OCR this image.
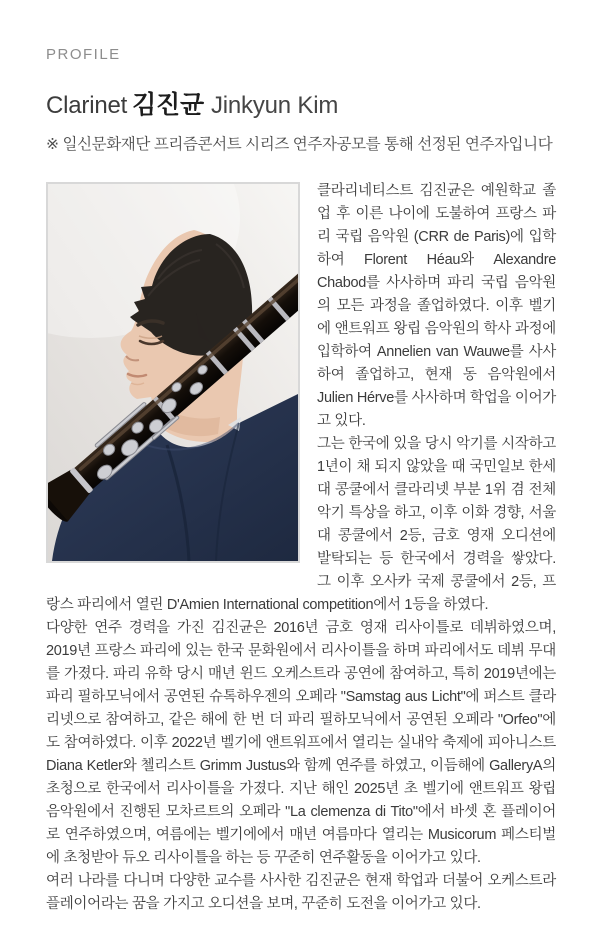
PROFILE
Clarinet 김진균 Jinkyun Kim
※ 일신문화재단 프리즘콘서트 시리즈 연주자공모를 통해 선정된 연주자입니다

클라리네티스트 김진균은 예원학교 졸업 후 이른 나이에 도불하여 프랑스 파리 국립 음악원 (CRR de Paris)에 입학하여 Florent Héau와 Alexandre Chabod를 사사하며 파리 국립 음악원의 모든 과정을 졸업하였다. 이후 벨기에 앤트워프 왕립 음악원의 학사 과정에 입학하여 Annelien van Wauwe를 사사하여 졸업하고, 현재 동 음악원에서 Julien Hérve를 사사하며 학업을 이어가고 있다.

그는 한국에 있을 당시 악기를 시작하고 1년이 채 되지 않았을 때 국민일보 한세대 콩쿨에서 클라리넷 부분 1위 겸 전체 악기 특상을 하고, 이후 이화 경향, 서울대 콩쿨에서 2등, 금호 영재 오디션에 발탁되는 등 한국에서 경력을 쌓았다. 그 이후 오사카 국제 콩쿨에서 2등, 프랑스 파리에서 열린 D'Amien International competition에서 1등을 하였다.

다양한 연주 경력을 가진 김진균은 2016년 금호 영재 리사이틀로 데뷔하였으며, 2019년 프랑스 파리에 있는 한국 문화원에서 리사이틀을 하며 파리에서도 데뷔 무대를 가졌다. 파리 유학 당시 매년 윈드 오케스트라 공연에 참여하고, 특히 2019년에는 파리 필하모닉에서 공연된 슈톡하우젠의 오페라 "Samstag aus Licht"에 퍼스트 클라리넷으로 참여하고, 같은 해에 한 번 더 파리 필하모닉에서 공연된 오페라 "Orfeo"에도 참여하였다. 이후 2022년 벨기에 앤트워프에서 열리는 실내악 축제에 피아니스트 Diana Ketler와 첼리스트 Grimm Justus와 함께 연주를 하였고, 이듬해에 GalleryA의 초청으로 한국에서 리사이틀을 가졌다. 지난 해인 2025년 초 벨기에 앤트워프 왕립 음악원에서 진행된 모차르트의 오페라 "La clemenza di Tito"에서 바셋 혼 플레이어로 연주하였으며, 여름에는 벨기에에서 매년 여름마다 열리는 Musicorum 페스티벌에 초청받아 듀오 리사이틀을 하는 등 꾸준히 연주활동을 이어가고 있다.

여러 나라를 다니며 다양한 교수를 사사한 김진균은 현재 학업과 더불어 오케스트라 플레이어라는 꿈을 가지고 오디션을 보며, 꾸준히 도전을 이어가고 있다.
